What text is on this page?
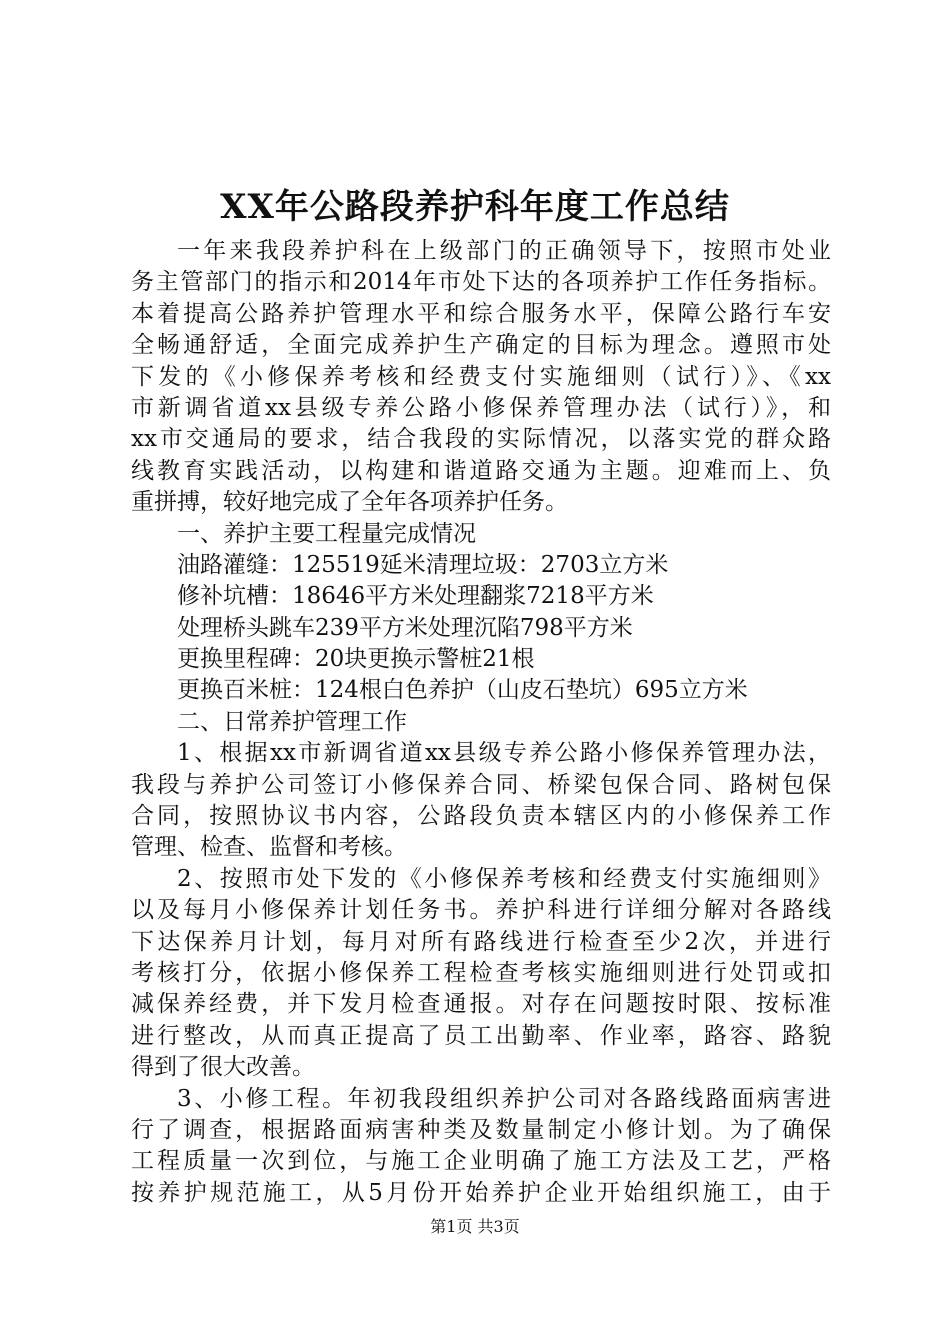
XX年公路段养护科年度工作总结
一年来我段养护科在上级部门的正确领导下，按照市处业
务主管部门的指示和2014年市处下达的各项养护工作任务指标。
本着提高公路养护管理水平和综合服务水平，保障公路行车安
全畅通舒适，全面完成养护生产确定的目标为理念。遵照市处
下发的《小修保养考核和经费支付实施细则（试行）》、《xx
市新调省道xx县级专养公路小修保养管理办法（试行）》，和
xx市交通局的要求，结合我段的实际情况，以落实党的群众路
线教育实践活动，以构建和谐道路交通为主题。迎难而上、负
重拼搏，较好地完成了全年各项养护任务。
一、养护主要工程量完成情况
油路灌缝：125519延米清理垃圾：2703立方米
修补坑槽：18646平方米处理翻浆7218平方米
处理桥头跳车239平方米处理沉陷798平方米
更换里程碑：20块更换示警桩21根
更换百米桩：124根白色养护（山皮石垫坑）695立方米
二、日常养护管理工作
1、根据xx市新调省道xx县级专养公路小修保养管理办法，
我段与养护公司签订小修保养合同、桥梁包保合同、路树包保
合同，按照协议书内容，公路段负责本辖区内的小修保养工作
管理、检查、监督和考核。
2、按照市处下发的《小修保养考核和经费支付实施细则》
以及每月小修保养计划任务书。养护科进行详细分解对各路线
下达保养月计划，每月对所有路线进行检查至少2次，并进行
考核打分，依据小修保养工程检查考核实施细则进行处罚或扣
减保养经费，并下发月检查通报。对存在问题按时限、按标准
进行整改，从而真正提高了员工出勤率、作业率，路容、路貌
得到了很大改善。
3、小修工程。年初我段组织养护公司对各路线路面病害进
行了调查，根据路面病害种类及数量制定小修计划。为了确保
工程质量一次到位，与施工企业明确了施工方法及工艺，严格
按养护规范施工，从5月份开始养护企业开始组织施工，由于
第1页 共3页
